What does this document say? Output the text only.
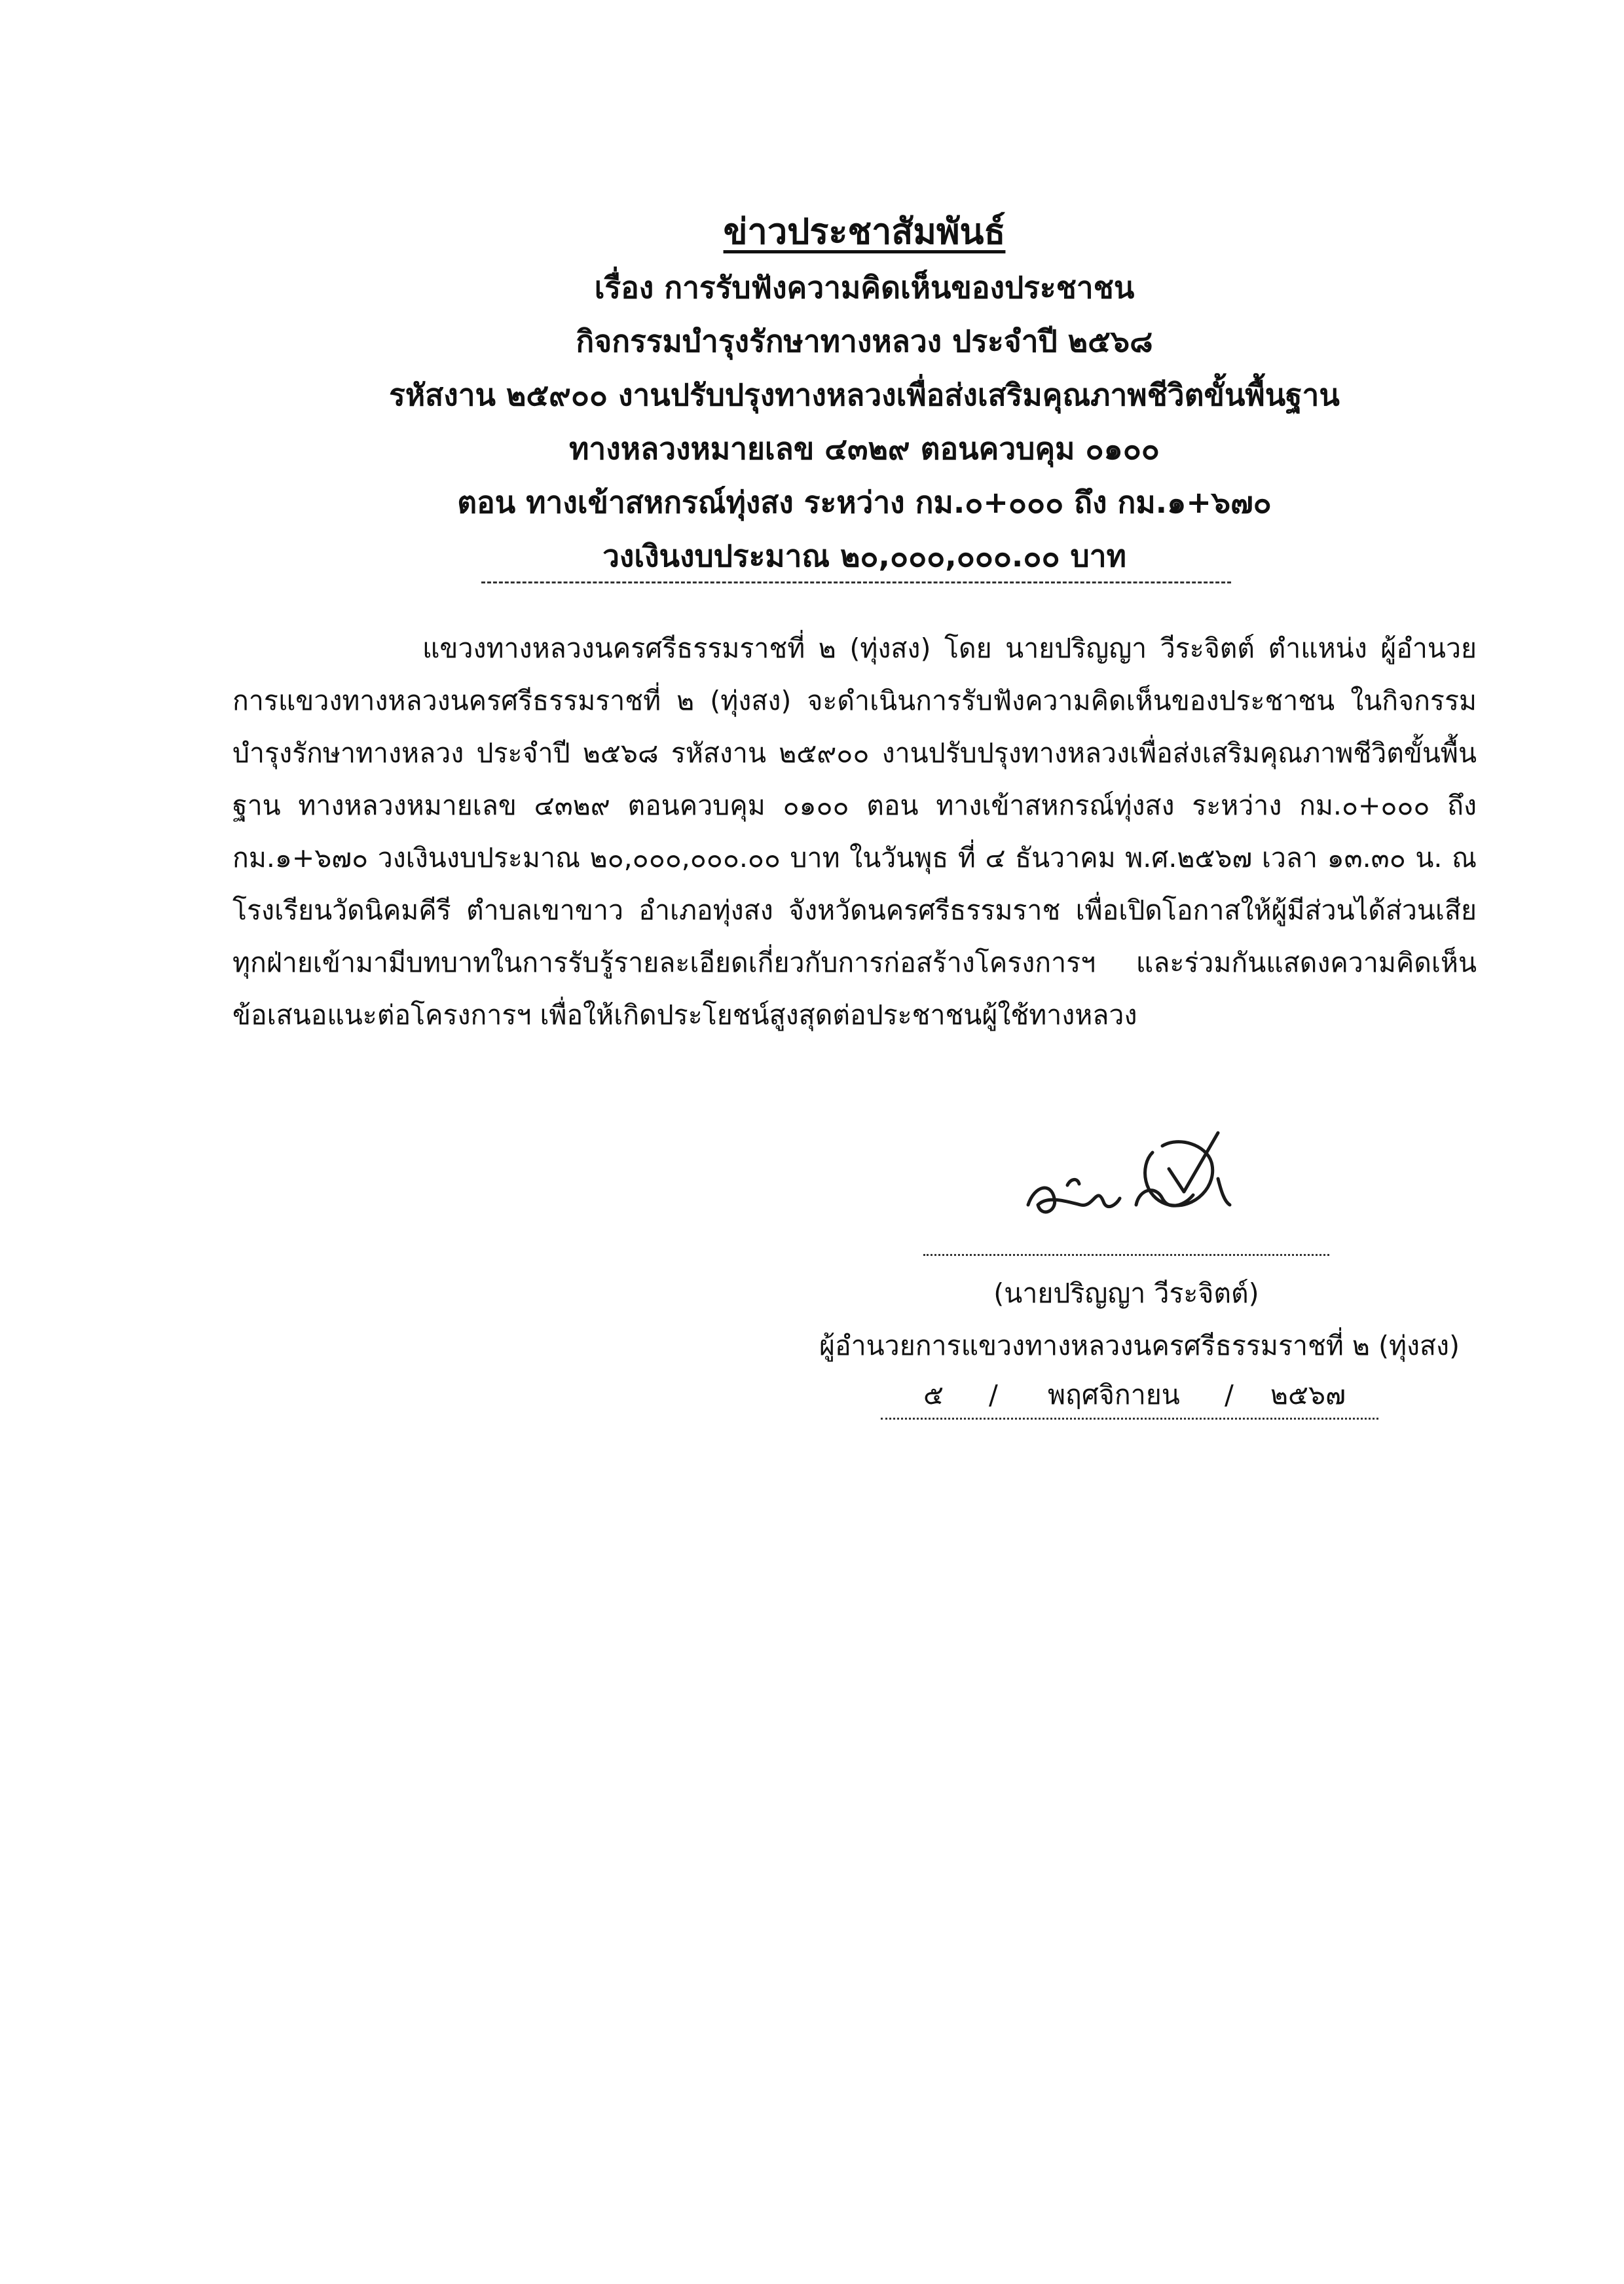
ข่าวประชาสัมพันธ์

เรื่อง การรับฟังความคิดเห็นของประชาชน

กิจกรรมบำรุงรักษาทางหลวง ประจำปี ๒๕๖๘

รหัสงาน ๒๕๙๐๐ งานปรับปรุงทางหลวงเพื่อส่งเสริมคุณภาพชีวิตขั้นพื้นฐาน

ทางหลวงหมายเลข ๔๓๒๙ ตอนควบคุม ๐๑๐๐

ตอน ทางเข้าสหกรณ์ทุ่งสง ระหว่าง กม.๐+๐๐๐ ถึง กม.๑+๖๗๐

วงเงินงบประมาณ ๒๐,๐๐๐,๐๐๐.๐๐ บาท

แขวงทางหลวงนครศรีธรรมราชที่ ๒ (ทุ่งสง) โดย นายปริญญา วีระจิตต์ ตำแหน่ง ผู้อำนวยการแขวงทางหลวงนครศรีธรรมราชที่ ๒ (ทุ่งสง) จะดำเนินการรับฟังความคิดเห็นของประชาชน ในกิจกรรมบำรุงรักษาทางหลวง ประจำปี ๒๕๖๘ รหัสงาน ๒๕๙๐๐ งานปรับปรุงทางหลวงเพื่อส่งเสริมคุณภาพชีวิตขั้นพื้นฐาน ทางหลวงหมายเลข ๔๓๒๙ ตอนควบคุม ๐๑๐๐ ตอน ทางเข้าสหกรณ์ทุ่งสง ระหว่าง กม.๐+๐๐๐ ถึง กม.๑+๖๗๐ วงเงินงบประมาณ ๒๐,๐๐๐,๐๐๐.๐๐ บาท ในวันพุธ ที่ ๔ ธันวาคม พ.ศ.๒๕๖๗ เวลา ๑๓.๓๐ น. ณ โรงเรียนวัดนิคมคีรี ตำบลเขาขาว อำเภอทุ่งสง จังหวัดนครศรีธรรมราช เพื่อเปิดโอกาสให้ผู้มีส่วนได้ส่วนเสียทุกฝ่ายเข้ามามีบทบาทในการรับรู้รายละเอียดเกี่ยวกับการก่อสร้างโครงการฯ และร่วมกันแสดงความคิดเห็น ข้อเสนอแนะต่อโครงการฯ เพื่อให้เกิดประโยชน์สูงสุดต่อประชาชนผู้ใช้ทางหลวง

(นายปริญญา วีระจิตต์)
ผู้อำนวยการแขวงทางหลวงนครศรีธรรมราชที่ ๒ (ทุ่งสง)
๕ / พฤศจิกายน / ๒๕๖๗
